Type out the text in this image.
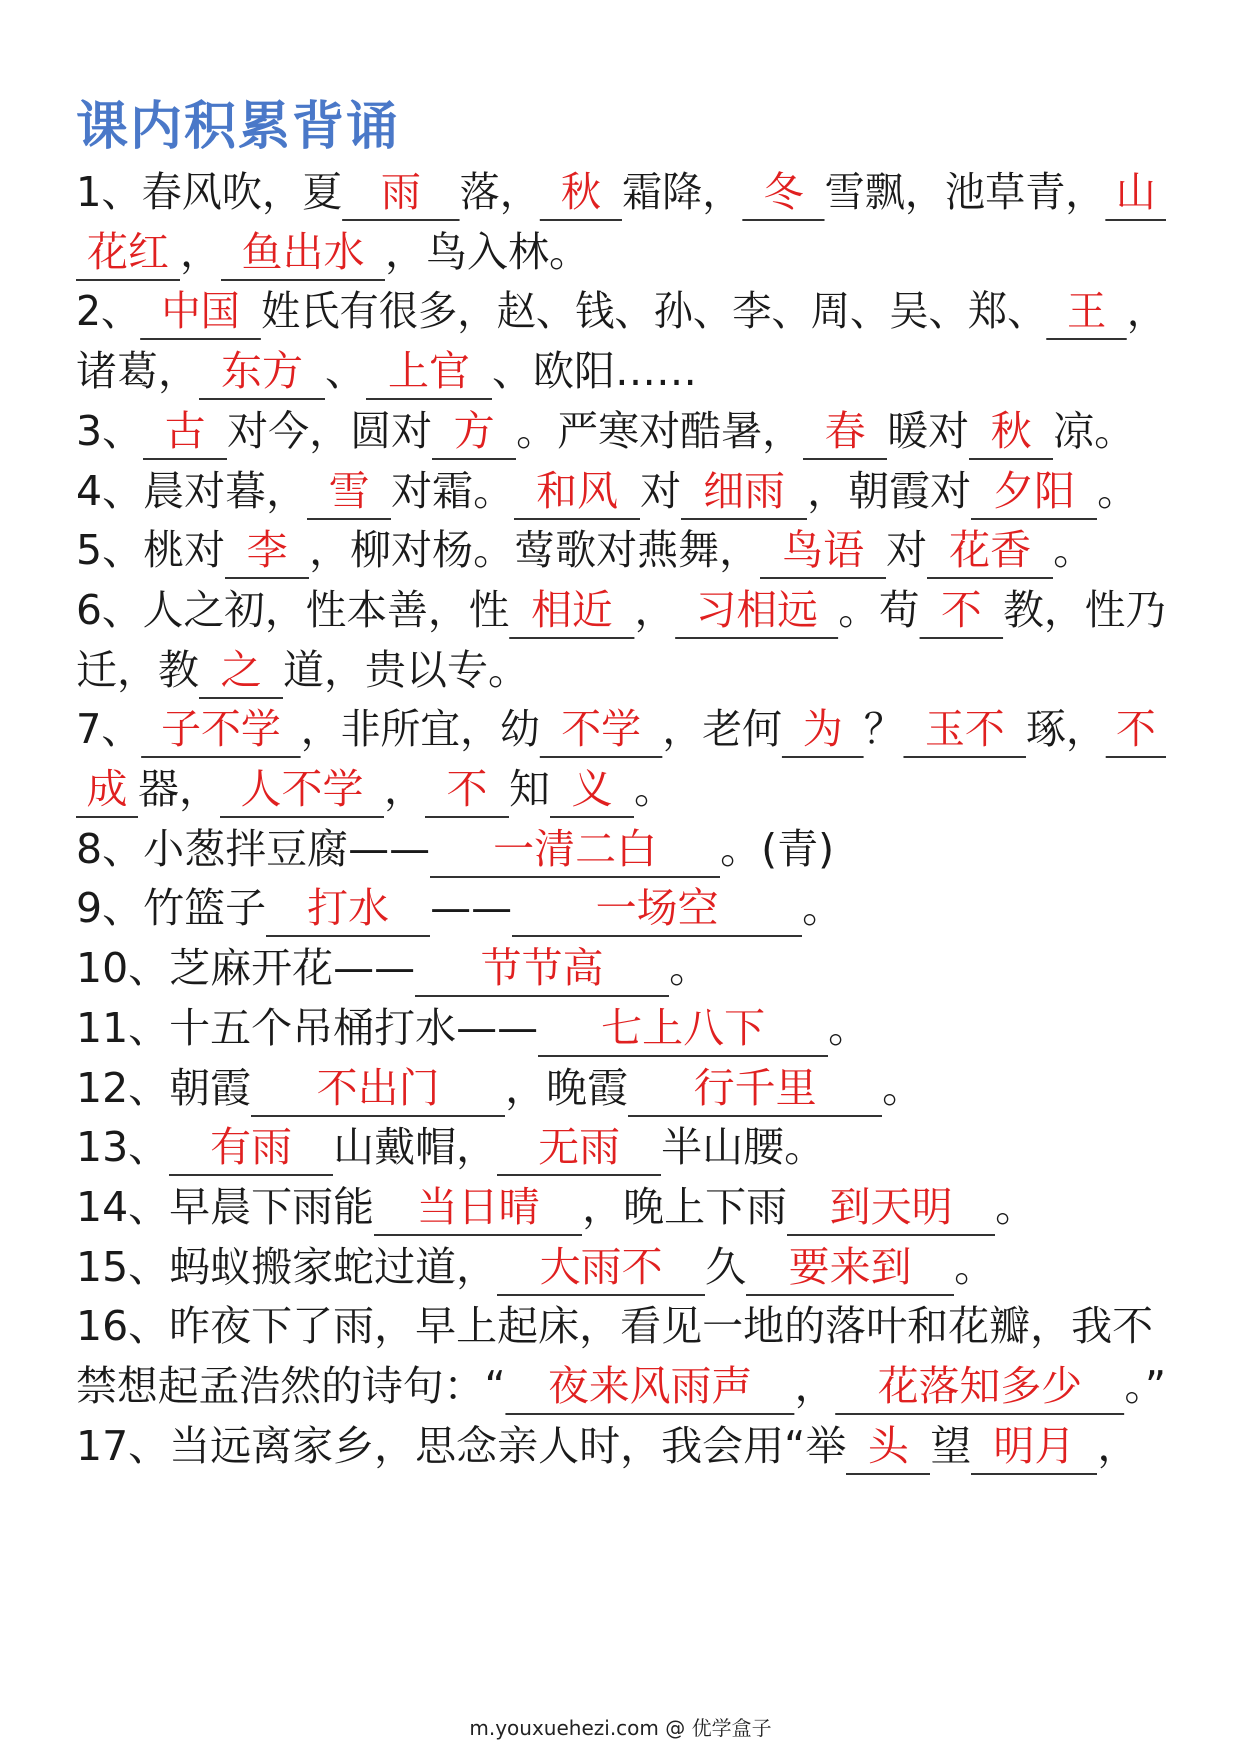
课内积累背诵
1、春风吹，夏 雨 落， 秋 霜降， 冬 雪飘，池草青， 山
花红 ， 鱼出水 ，鸟入林。
2、 中国 姓氏有很多，赵、钱、孙、李、周、吴、郑、 王 ，
诸葛， 东方 、 上官 、欧阳……
3、 古 对今，圆对 方 。严寒对酷暑， 春 暖对 秋 凉。
4、晨对暮， 雪 对霜。 和风 对 细雨 ，朝霞对 夕阳 。
5、桃对 李 ，柳对杨。莺歌对燕舞， 鸟语 对 花香 。
6、人之初，性本善，性 相近 ， 习相远 。苟 不 教，性乃
迁，教 之 道，贵以专。
7、 子不学 ，非所宜，幼 不学 ，老何 为 ？ 玉不 琢， 不
成 器， 人不学 ， 不 知 义 。
8、小葱拌豆腐—— 一清二白 。(青)
9、竹篮子 打水 —— 一场空 。
10、芝麻开花—— 节节高 。
11、十五个吊桶打水—— 七上八下 。
12、朝霞 不出门 ，晚霞 行千里 。
13、 有雨 山戴帽， 无雨 半山腰。
14、早晨下雨能 当日晴 ，晚上下雨 到天明 。
15、蚂蚁搬家蛇过道， 大雨不 久 要来到 。
16、昨夜下了雨，早上起床，看见一地的落叶和花瓣，我不
禁想起孟浩然的诗句：“ 夜来风雨声 ， 花落知多少 。”
17、当远离家乡，思念亲人时，我会用“举 头 望 明月 ，
m.youxuehezi.com @ 优学盒子
